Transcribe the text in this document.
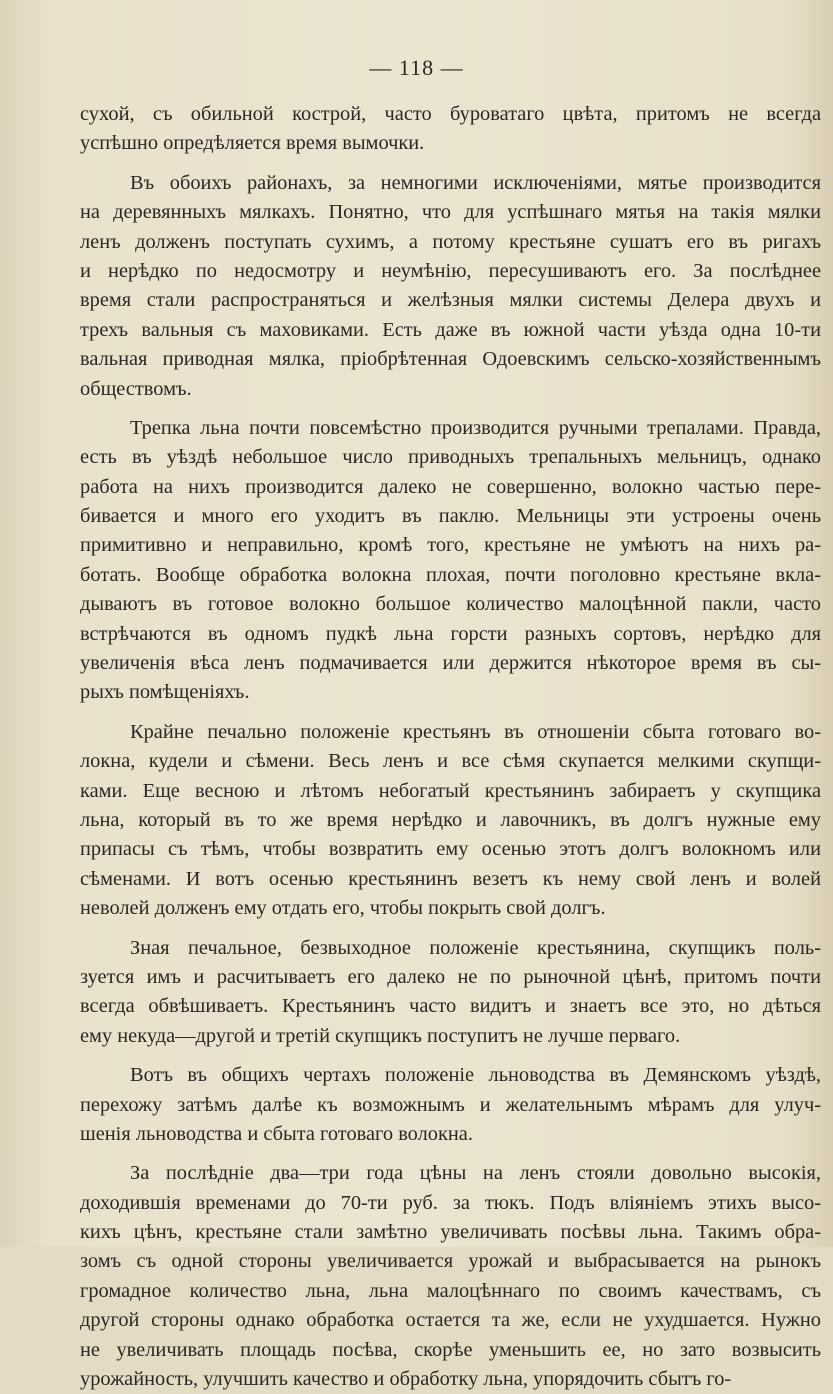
— 118 —
сухой, съ обильной кострой, часто буроватаго цвѣта, притомъ не всегда
успѣшно опредѣляется время вымочки.
Въ обоихъ районахъ, за немногими исключеніями, мятье производится
на деревянныхъ мялкахъ. Понятно, что для успѣшнаго мятья на такія мялки
ленъ долженъ поступать сухимъ, а потому крестьяне сушатъ его въ ригахъ
и нерѣдко по недосмотру и неумѣнію, пересушиваютъ его. За послѣднее
время стали распространяться и желѣзныя мялки системы Делера двухъ и
трехъ вальныя съ маховиками. Есть даже въ южной части уѣзда одна 10-ти
вальная приводная мялка, пріобрѣтенная Одоевскимъ сельско-хозяйственнымъ
обществомъ.
Трепка льна почти повсемѣстно производится ручными трепалами. Правда,
есть въ уѣздѣ небольшое число приводныхъ трепальныхъ мельницъ, однако
работа на нихъ производится далеко не совершенно, волокно частью пере-
бивается и много его уходитъ въ паклю. Мельницы эти устроены очень
примитивно и неправильно, кромѣ того, крестьяне не умѣютъ на нихъ ра-
ботать. Вообще обработка волокна плохая, почти поголовно крестьяне вкла-
дываютъ въ готовое волокно большое количество малоцѣнной пакли, часто
встрѣчаются въ одномъ пудкѣ льна горсти разныхъ сортовъ, нерѣдко для
увеличенія вѣса ленъ подмачивается или держится нѣкоторое время въ сы-
рыхъ помѣщеніяхъ.
Крайне печально положеніе крестьянъ въ отношеніи сбыта готоваго во-
локна, кудели и сѣмени. Весь ленъ и все сѣмя скупается мелкими скупщи-
ками. Еще весною и лѣтомъ небогатый крестьянинъ забираетъ у скупщика
льна, который въ то же время нерѣдко и лавочникъ, въ долгъ нужные ему
припасы съ тѣмъ, чтобы возвратить ему осенью этотъ долгъ волокномъ или
сѣменами. И вотъ осенью крестьянинъ везетъ къ нему свой ленъ и волей
неволей долженъ ему отдать его, чтобы покрыть свой долгъ.
Зная печальное, безвыходное положеніе крестьянина, скупщикъ поль-
зуется имъ и расчитываетъ его далеко не по рыночной цѣнѣ, притомъ почти
всегда обвѣшиваетъ. Крестьянинъ часто видитъ и знаетъ все это, но дѣться
ему некуда—другой и третій скупщикъ поступитъ не лучше перваго.
Вотъ въ общихъ чертахъ положеніе льноводства въ Демянскомъ уѣздѣ,
перехожу затѣмъ далѣе къ возможнымъ и желательнымъ мѣрамъ для улуч-
шенія льноводства и сбыта готоваго волокна.
За послѣдніе два—три года цѣны на ленъ стояли довольно высокія,
доходившія временами до 70-ти руб. за тюкъ. Подъ вліяніемъ этихъ высо-
кихъ цѣнъ, крестьяне стали замѣтно увеличивать посѣвы льна. Такимъ обра-
зомъ съ одной стороны увеличивается урожай и выбрасывается на рынокъ
громадное количество льна, льна малоцѣннаго по своимъ качествамъ, съ
другой стороны однако обработка остается та же, если не ухудшается. Нужно
не увеличивать площадь посѣва, скорѣе уменьшить ее, но зато возвысить
урожайность, улучшить качество и обработку льна, упорядочить сбытъ го-
